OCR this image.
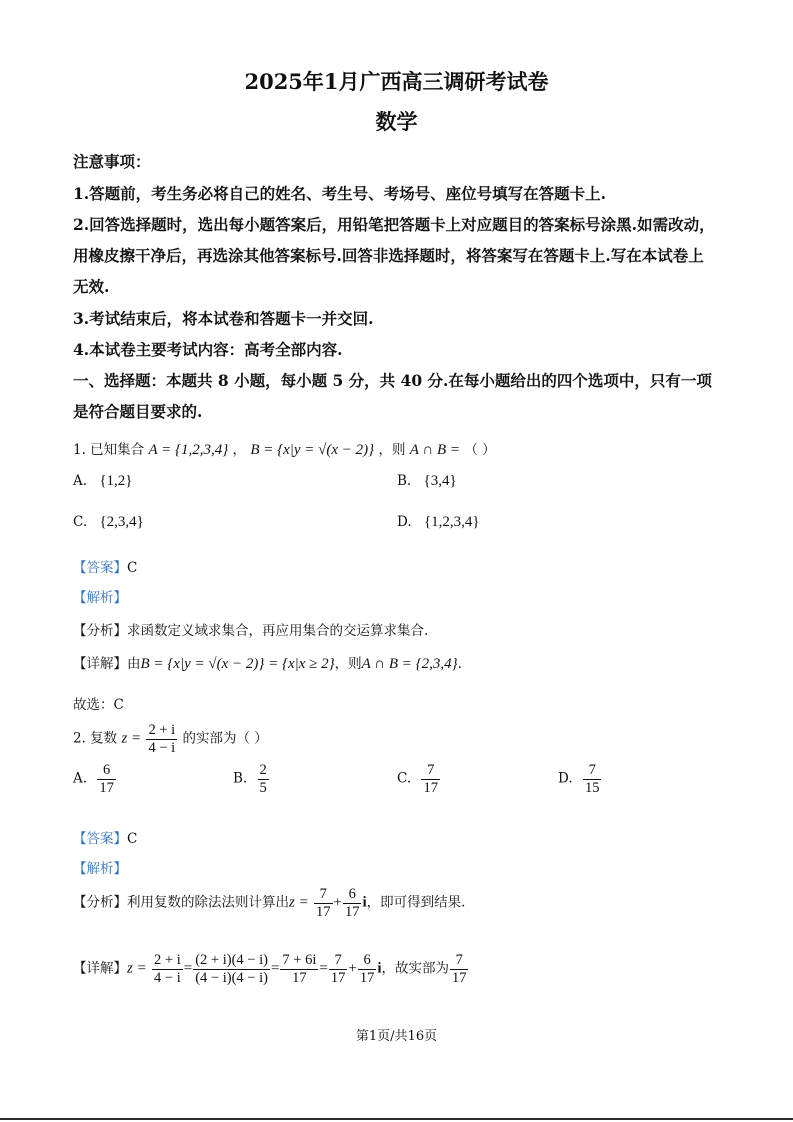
2025年1月广西高三调研考试卷
数学
注意事项：
1.答题前，考生务必将自己的姓名、考生号、考场号、座位号填写在答题卡上.
2.回答选择题时，选出每小题答案后，用铅笔把答题卡上对应题目的答案标号涂黑.如需改动，
用橡皮擦干净后，再选涂其他答案标号.回答非选择题时，将答案写在答题卡上.写在本试卷上
无效.
3.考试结束后，将本试卷和答题卡一并交回.
4.本试卷主要考试内容：高考全部内容.
一、选择题：本题共 8 小题，每小题 5 分，共 40 分.在每小题给出的四个选项中，只有一项
是符合题目要求的.
1. 已知集合 A = {1,2,3,4} ， B = {x|y = √(x − 2)} ，则 A ∩ B = （ ）
A. {1,2}	B. {3,4}
C. {2,3,4}	D. {1,2,3,4}
【答案】C
【解析】
【分析】求函数定义域求集合，再应用集合的交运算求集合.
【详解】由B = {x|y = √(x − 2)} = {x|x ≥ 2}，则A ∩ B = {2,3,4}.
故选：C
2. 复数 $z = \frac{2 + i}{4 - i}$ 的实部为（ ）
A. $\frac{6}{17}$	B. $\frac{2}{5}$	C. $\frac{7}{17}$	D. $\frac{7}{15}$
【答案】C
【解析】
【分析】利用复数的除法法则计算出$z = \frac{7}{17} + \frac{6}{17}$ i，即可得到结果.
【详解】$z = \frac{2 + i}{4 - i} = \frac{(2 + i)(4 - i)}{(4 - i)(4 - i)} = \frac{7 + 6i}{17} = \frac{7}{17} + \frac{6}{17}$ i，故实部为 $\frac{7}{17}$
第1页/共16页
